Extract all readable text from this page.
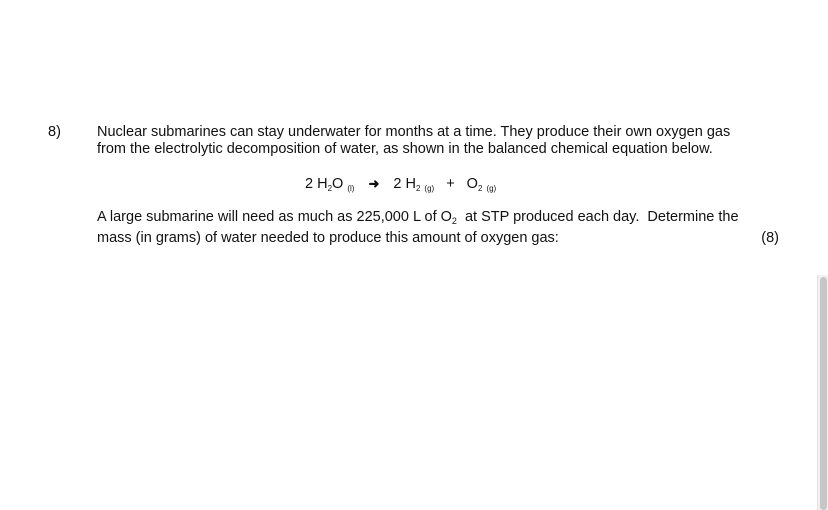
8) Nuclear submarines can stay underwater for months at a time. They produce their own oxygen gas
from the electrolytic decomposition of water, as shown in the balanced chemical equation below.
2 $H_2O$ $_{(l)}$ ➜ 2 $H_2$ $_{(g)} + O_2$ $_{(g)}$
A large submarine will need as much as 225,000 L of $O_2$  at STP produced each day.  Determine the
mass (in grams) of water needed to produce this amount of oxygen gas:	(8)
